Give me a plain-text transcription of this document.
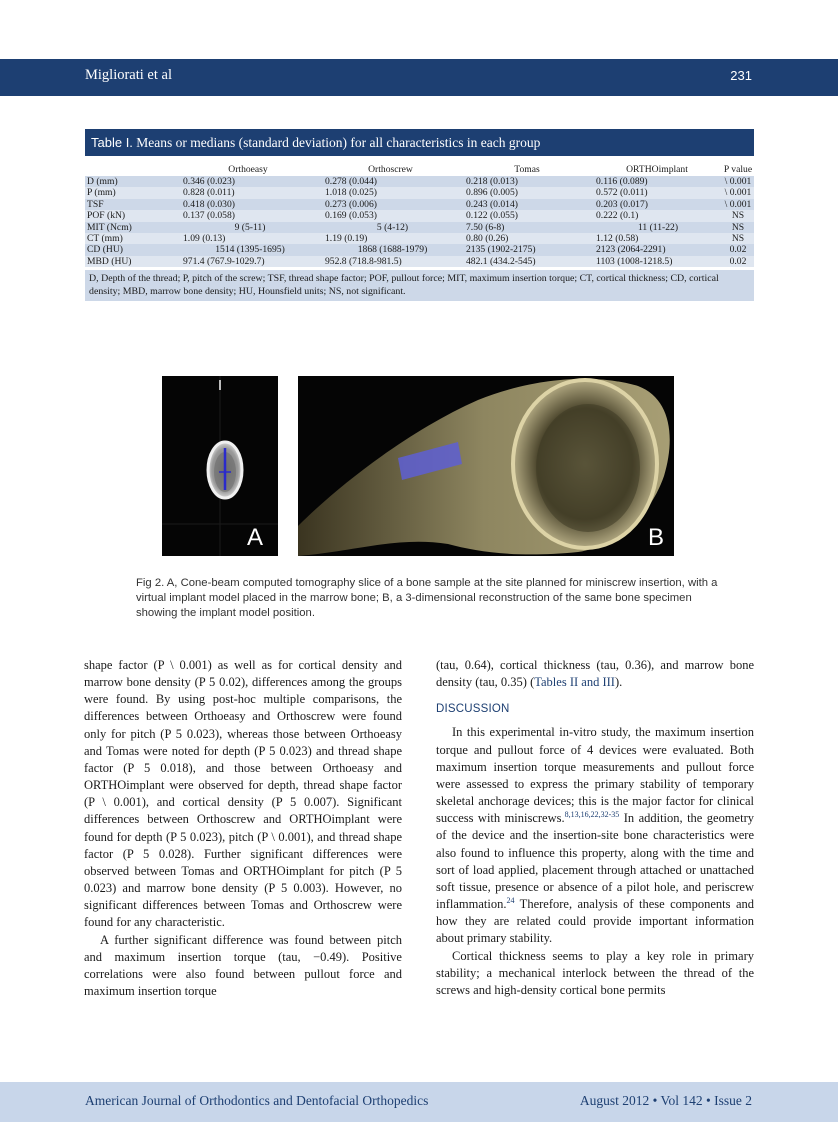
Migliorati et al	231
Table I. Means or medians (standard deviation) for all characteristics in each group
	Orthoeasy	Orthoscrew	Tomas	ORTHOimplant	P value
D (mm)	0.346 (0.023)	0.278 (0.044)	0.218 (0.013)	0.116 (0.089)	\ 0.001
P (mm)	0.828 (0.011)	1.018 (0.025)	0.896 (0.005)	0.572 (0.011)	\ 0.001
TSF	0.418 (0.030)	0.273 (0.006)	0.243 (0.014)	0.203 (0.017)	\ 0.001
POF (kN)	0.137 (0.058)	0.169 (0.053)	0.122 (0.055)	0.222 (0.1)	NS
MIT (Ncm)	9 (5-11)	5 (4-12)	7.50 (6-8)	11 (11-22)	NS
CT (mm)	1.09 (0.13)	1.19 (0.19)	0.80 (0.26)	1.12 (0.58)	NS
CD (HU)	1514 (1395-1695)	1868 (1688-1979)	2135 (1902-2175)	2123 (2064-2291)	0.02
MBD (HU)	971.4 (767.9-1029.7)	952.8 (718.8-981.5)	482.1 (434.2-545)	1103 (1008-1218.5)	0.02
D, Depth of the thread; P, pitch of the screw; TSF, thread shape factor; POF, pullout force; MIT, maximum insertion torque; CT, cortical thickness; CD, cortical density; MBD, marrow bone density; HU, Hounsfield units; NS, not significant.
A	B
Fig 2. A, Cone-beam computed tomography slice of a bone sample at the site planned for miniscrew insertion, with a virtual implant model placed in the marrow bone; B, a 3-dimensional reconstruction of the same bone specimen showing the implant model position.

shape factor (P \ 0.001) as well as for cortical density and marrow bone density (P 5 0.02), differences among the groups were found. By using post-hoc multiple comparisons, the differences between Orthoeasy and Orthoscrew were found only for pitch (P 5 0.023), whereas those between Orthoeasy and Tomas were noted for depth (P 5 0.023) and thread shape factor (P 5 0.018), and those between Orthoeasy and ORTHOimplant were observed for depth, thread shape factor (P \ 0.001), and cortical density (P 5 0.007). Significant differences between Orthoscrew and ORTHOimplant were found for depth (P 5 0.023), pitch (P \ 0.001), and thread shape factor (P 5 0.028). Further significant differences were observed between Tomas and ORTHOimplant for pitch (P 5 0.023) and marrow bone density (P 5 0.003). However, no significant differences between Tomas and Orthoscrew were found for any characteristic.

A further significant difference was found between pitch and maximum insertion torque (tau, −0.49). Positive correlations were also found between pullout force and maximum insertion torque

(tau, 0.64), cortical thickness (tau, 0.36), and marrow bone density (tau, 0.35) (Tables II and III).

DISCUSSION

In this experimental in-vitro study, the maximum insertion torque and pullout force of 4 devices were evaluated. Both maximum insertion torque measurements and pullout force were assessed to express the primary stability of temporary skeletal anchorage devices; this is the major factor for clinical success with miniscrews.$^{8,13,16,22,32-35}$ In addition, the geometry of the device and the insertion-site bone characteristics were also found to influence this property, along with the time and sort of load applied, placement through attached or unattached soft tissue, presence or absence of a pilot hole, and periscrew inflammation.$^{24}$ Therefore, analysis of these components and how they are related could provide important information about primary stability.

Cortical thickness seems to play a key role in primary stability; a mechanical interlock between the thread of the screws and high-density cortical bone permits

American Journal of Orthodontics and Dentofacial Orthopedics	August 2012 • Vol 142 • Issue 2
